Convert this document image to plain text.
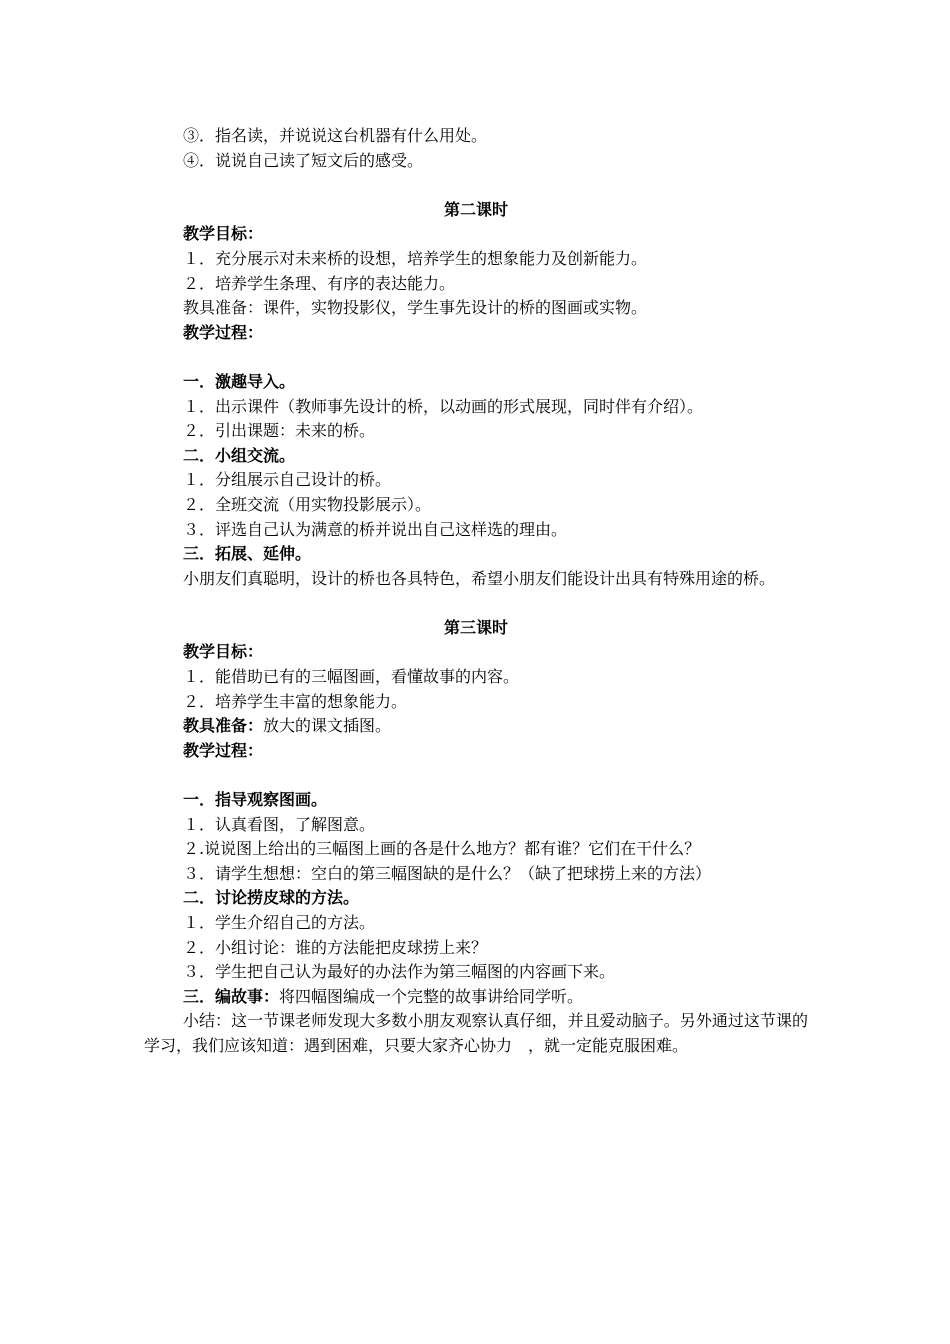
③．指名读，并说说这台机器有什么用处。
④．说说自己读了短文后的感受。
第二课时
教学目标：
１．充分展示对未来桥的设想，培养学生的想象能力及创新能力。
２．培养学生条理、有序的表达能力。
教具准备：课件，实物投影仪，学生事先设计的桥的图画或实物。
教学过程：
一．激趣导入。
１．出示课件（教师事先设计的桥，以动画的形式展现，同时伴有介绍）。
２．引出课题：未来的桥。
二．小组交流。
１．分组展示自己设计的桥。
２．全班交流（用实物投影展示）。
３．评选自己认为满意的桥并说出自己这样选的理由。
三．拓展、延伸。
小朋友们真聪明，设计的桥也各具特色，希望小朋友们能设计出具有特殊用途的桥。
第三课时
教学目标：
１．能借助已有的三幅图画，看懂故事的内容。
２．培养学生丰富的想象能力。
教具准备：放大的课文插图。
教学过程：
一．指导观察图画。
１．认真看图，了解图意。
２.说说图上给出的三幅图上画的各是什么地方？都有谁？它们在干什么？
３．请学生想想：空白的第三幅图缺的是什么？（缺了把球捞上来的方法）
二．讨论捞皮球的方法。
１．学生介绍自己的方法。
２．小组讨论：谁的方法能把皮球捞上来？
３．学生把自己认为最好的办法作为第三幅图的内容画下来。
三．编故事：将四幅图编成一个完整的故事讲给同学听。
小结：这一节课老师发现大多数小朋友观察认真仔细，并且爱动脑子。另外通过这节课的学习，我们应该知道：遇到困难，只要大家齐心协力　，就一定能克服困难。
